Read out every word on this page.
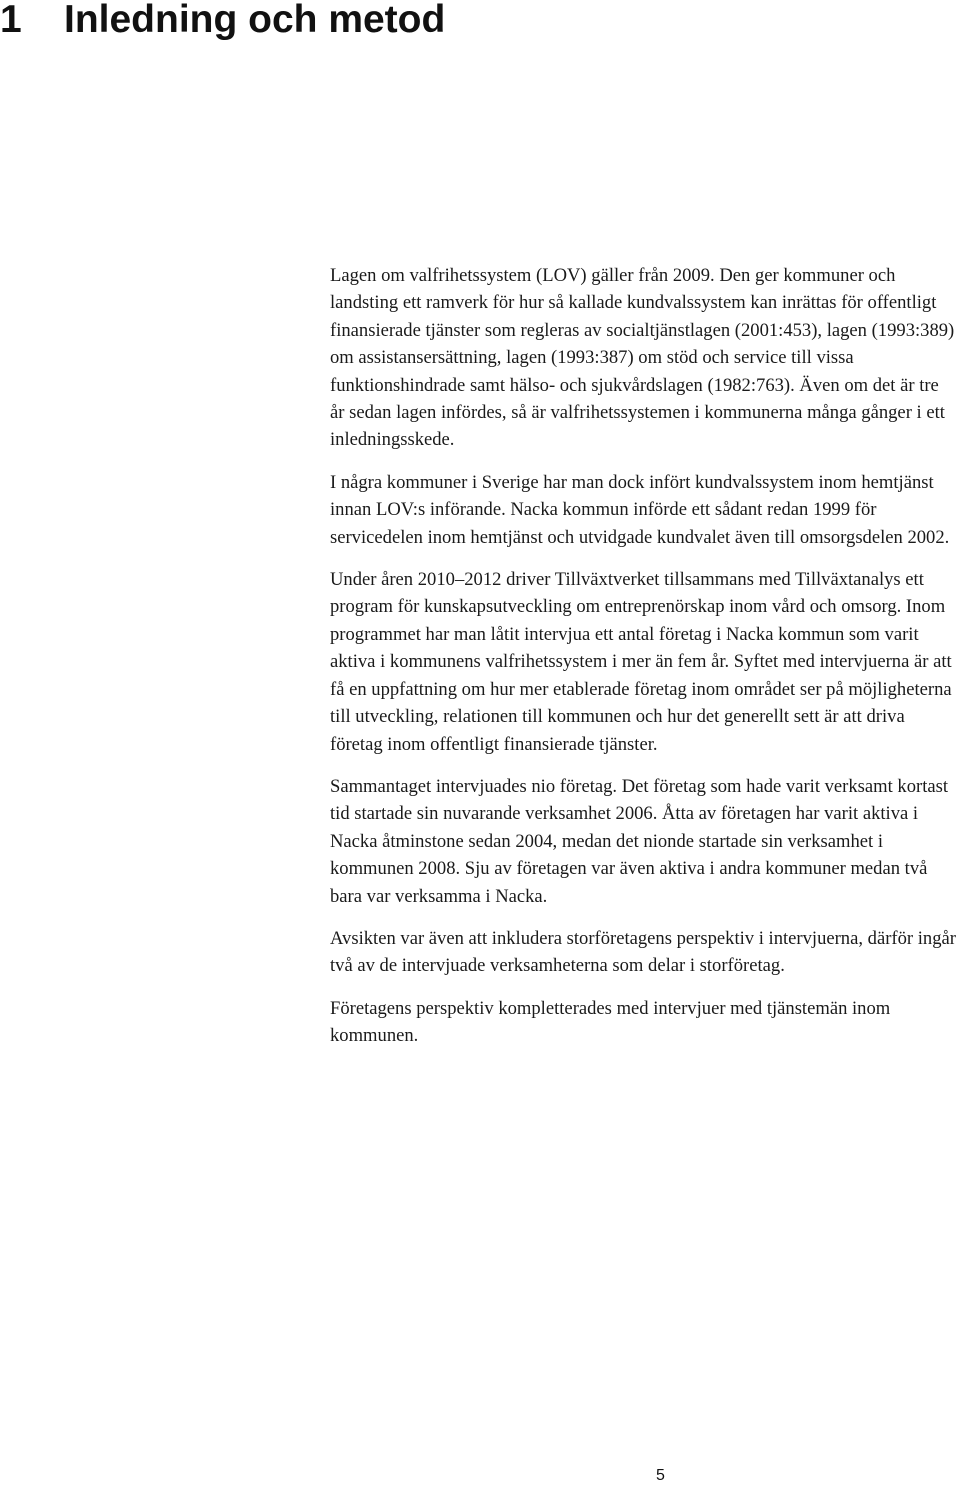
1 Inledning och metod

Lagen om valfrihetssystem (LOV) gäller från 2009. Den ger kommuner och landsting ett ramverk för hur så kallade kundvalssystem kan inrättas för offentligt finansierade tjänster som regleras av socialtjänstlagen (2001:453), lagen (1993:389) om assistansersättning, lagen (1993:387) om stöd och service till vissa funktionshindrade samt hälso- och sjukvårdslagen (1982:763). Även om det är tre år sedan lagen infördes, så är valfrihetssystemen i kommunerna många gånger i ett inledningsskede.

I några kommuner i Sverige har man dock infört kundvalssystem inom hemtjänst innan LOV:s införande. Nacka kommun införde ett sådant redan 1999 för servicedelen inom hemtjänst och utvidgade kundvalet även till omsorgsdelen 2002.

Under åren 2010–2012 driver Tillväxtverket tillsammans med Tillväxtanalys ett program för kunskapsutveckling om entreprenörskap inom vård och omsorg. Inom programmet har man låtit intervjua ett antal företag i Nacka kommun som varit aktiva i kommunens valfrihetssystem i mer än fem år. Syftet med intervjuerna är att få en uppfattning om hur mer etablerade företag inom området ser på möjligheterna till utveckling, relationen till kommunen och hur det generellt sett är att driva företag inom offentligt finansierade tjänster.

Sammantaget intervjuades nio företag. Det företag som hade varit verksamt kortast tid startade sin nuvarande verksamhet 2006. Åtta av företagen har varit aktiva i Nacka åtminstone sedan 2004, medan det nionde startade sin verksamhet i kommunen 2008. Sju av företagen var även aktiva i andra kommuner medan två bara var verksamma i Nacka.

Avsikten var även att inkludera storföretagens perspektiv i intervjuerna, därför ingår två av de intervjuade verksamheterna som delar i storföretag.

Företagens perspektiv kompletterades med intervjuer med tjänstemän inom kommunen.

5
